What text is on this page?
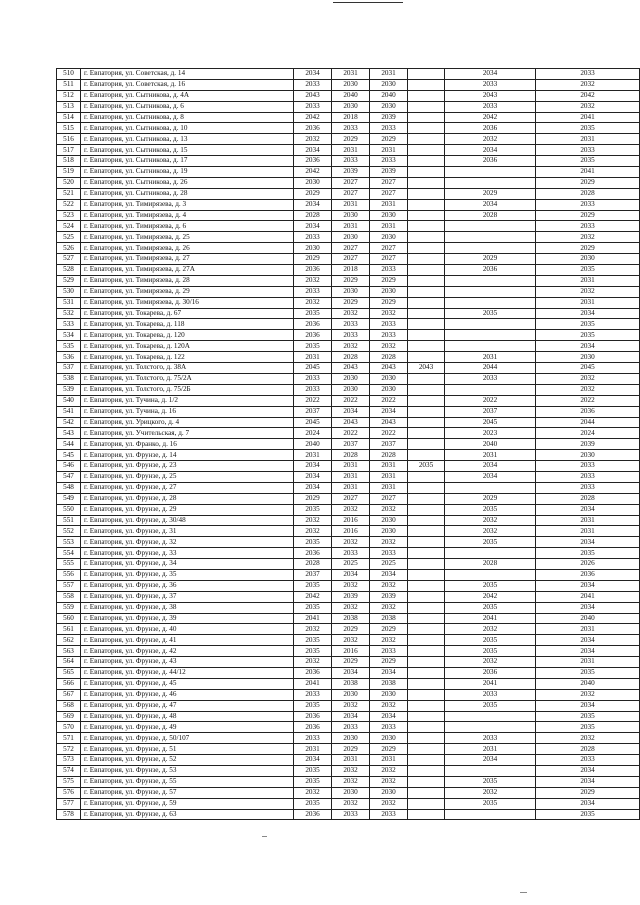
510	г. Евпатория, ул. Советская, д. 14	2034	2031	2031		2034	2033
511	г. Евпатория, ул. Советская, д. 16	2033	2030	2030		2033	2032
512	г. Евпатория, ул. Сытникова, д. 4А	2043	2040	2040		2043	2042
513	г. Евпатория, ул. Сытникова, д. 6	2033	2030	2030		2033	2032
514	г. Евпатория, ул. Сытникова, д. 8	2042	2018	2039		2042	2041
515	г. Евпатория, ул. Сытникова, д. 10	2036	2033	2033		2036	2035
516	г. Евпатория, ул. Сытникова, д. 13	2032	2029	2029		2032	2031
517	г. Евпатория, ул. Сытникова, д. 15	2034	2031	2031		2034	2033
518	г. Евпатория, ул. Сытникова, д. 17	2036	2033	2033		2036	2035
519	г. Евпатория, ул. Сытникова, д. 19	2042	2039	2039			2041
520	г. Евпатория, ул. Сытникова, д. 26	2030	2027	2027			2029
521	г. Евпатория, ул. Сытникова, д. 28	2029	2027	2027		2029	2028
522	г. Евпатория, ул. Тимирязева, д. 3	2034	2031	2031		2034	2033
523	г. Евпатория, ул. Тимирязева, д. 4	2028	2030	2030		2028	2029
524	г. Евпатория, ул. Тимирязева, д. 6	2034	2031	2031			2033
525	г. Евпатория, ул. Тимирязева, д. 25	2033	2030	2030			2032
526	г. Евпатория, ул. Тимирязева, д. 26	2030	2027	2027			2029
527	г. Евпатория, ул. Тимирязева, д. 27	2029	2027	2027		2029	2030
528	г. Евпатория, ул. Тимирязева, д. 27А	2036	2018	2033		2036	2035
529	г. Евпатория, ул. Тимирязева, д. 28	2032	2029	2029			2031
530	г. Евпатория, ул. Тимирязева, д. 29	2033	2030	2030			2032
531	г. Евпатория, ул. Тимирязева, д. 30/16	2032	2029	2029			2031
532	г. Евпатория, ул. Токарева, д. 67	2035	2032	2032		2035	2034
533	г. Евпатория, ул. Токарева, д. 118	2036	2033	2033			2035
534	г. Евпатория, ул. Токарева, д. 120	2036	2033	2033			2035
535	г. Евпатория, ул. Токарева, д. 120А	2035	2032	2032			2034
536	г. Евпатория, ул. Токарева, д. 122	2031	2028	2028		2031	2030
537	г. Евпатория, ул. Толстого, д. 38А	2045	2043	2043	2043	2044	2045
538	г. Евпатория, ул. Толстого, д. 75/2А	2033	2030	2030		2033	2032
539	г. Евпатория, ул. Толстого, д. 75/2Б	2033	2030	2030			2032
540	г. Евпатория, ул. Тучина, д. 1/2	2022	2022	2022		2022	2022
541	г. Евпатория, ул. Тучина, д. 16	2037	2034	2034		2037	2036
542	г. Евпатория, ул. Урицкого, д. 4	2045	2043	2043		2045	2044
543	г. Евпатория, ул. Учительская, д. 7	2024	2022	2022		2023	2024
544	г. Евпатория, ул. Франко, д. 16	2040	2037	2037		2040	2039
545	г. Евпатория, ул. Фрунзе, д. 14	2031	2028	2028		2031	2030
546	г. Евпатория, ул. Фрунзе, д. 23	2034	2031	2031	2035	2034	2033
547	г. Евпатория, ул. Фрунзе, д. 25	2034	2031	2031		2034	2033
548	г. Евпатория, ул. Фрунзе, д. 27	2034	2031	2031			2033
549	г. Евпатория, ул. Фрунзе, д. 28	2029	2027	2027		2029	2028
550	г. Евпатория, ул. Фрунзе, д. 29	2035	2032	2032		2035	2034
551	г. Евпатория, ул. Фрунзе, д. 30/48	2032	2016	2030		2032	2031
552	г. Евпатория, ул. Фрунзе, д. 31	2032	2016	2030		2032	2031
553	г. Евпатория, ул. Фрунзе, д. 32	2035	2032	2032		2035	2034
554	г. Евпатория, ул. Фрунзе, д. 33	2036	2033	2033			2035
555	г. Евпатория, ул. Фрунзе, д. 34	2028	2025	2025		2028	2026
556	г. Евпатория, ул. Фрунзе, д. 35	2037	2034	2034			2036
557	г. Евпатория, ул. Фрунзе, д. 36	2035	2032	2032		2035	2034
558	г. Евпатория, ул. Фрунзе, д. 37	2042	2039	2039		2042	2041
559	г. Евпатория, ул. Фрунзе, д. 38	2035	2032	2032		2035	2034
560	г. Евпатория, ул. Фрунзе, д. 39	2041	2038	2038		2041	2040
561	г. Евпатория, ул. Фрунзе, д. 40	2032	2029	2029		2032	2031
562	г. Евпатория, ул. Фрунзе, д. 41	2035	2032	2032		2035	2034
563	г. Евпатория, ул. Фрунзе, д. 42	2035	2016	2033		2035	2034
564	г. Евпатория, ул. Фрунзе, д. 43	2032	2029	2029		2032	2031
565	г. Евпатория, ул. Фрунзе, д. 44/12	2036	2034	2034		2036	2035
566	г. Евпатория, ул. Фрунзе, д. 45	2041	2038	2038		2041	2040
567	г. Евпатория, ул. Фрунзе, д. 46	2033	2030	2030		2033	2032
568	г. Евпатория, ул. Фрунзе, д. 47	2035	2032	2032		2035	2034
569	г. Евпатория, ул. Фрунзе, д. 48	2036	2034	2034			2035
570	г. Евпатория, ул. Фрунзе, д. 49	2036	2033	2033			2035
571	г. Евпатория, ул. Фрунзе, д. 50/107	2033	2030	2030		2033	2032
572	г. Евпатория, ул. Фрунзе, д. 51	2031	2029	2029		2031	2028
573	г. Евпатория, ул. Фрунзе, д. 52	2034	2031	2031		2034	2033
574	г. Евпатория, ул. Фрунзе, д. 53	2035	2032	2032			2034
575	г. Евпатория, ул. Фрунзе, д. 55	2035	2032	2032		2035	2034
576	г. Евпатория, ул. Фрунзе, д. 57	2032	2030	2030		2032	2029
577	г. Евпатория, ул. Фрунзе, д. 59	2035	2032	2032		2035	2034
578	г. Евпатория, ул. Фрунзе, д. 63	2036	2033	2033			2035
